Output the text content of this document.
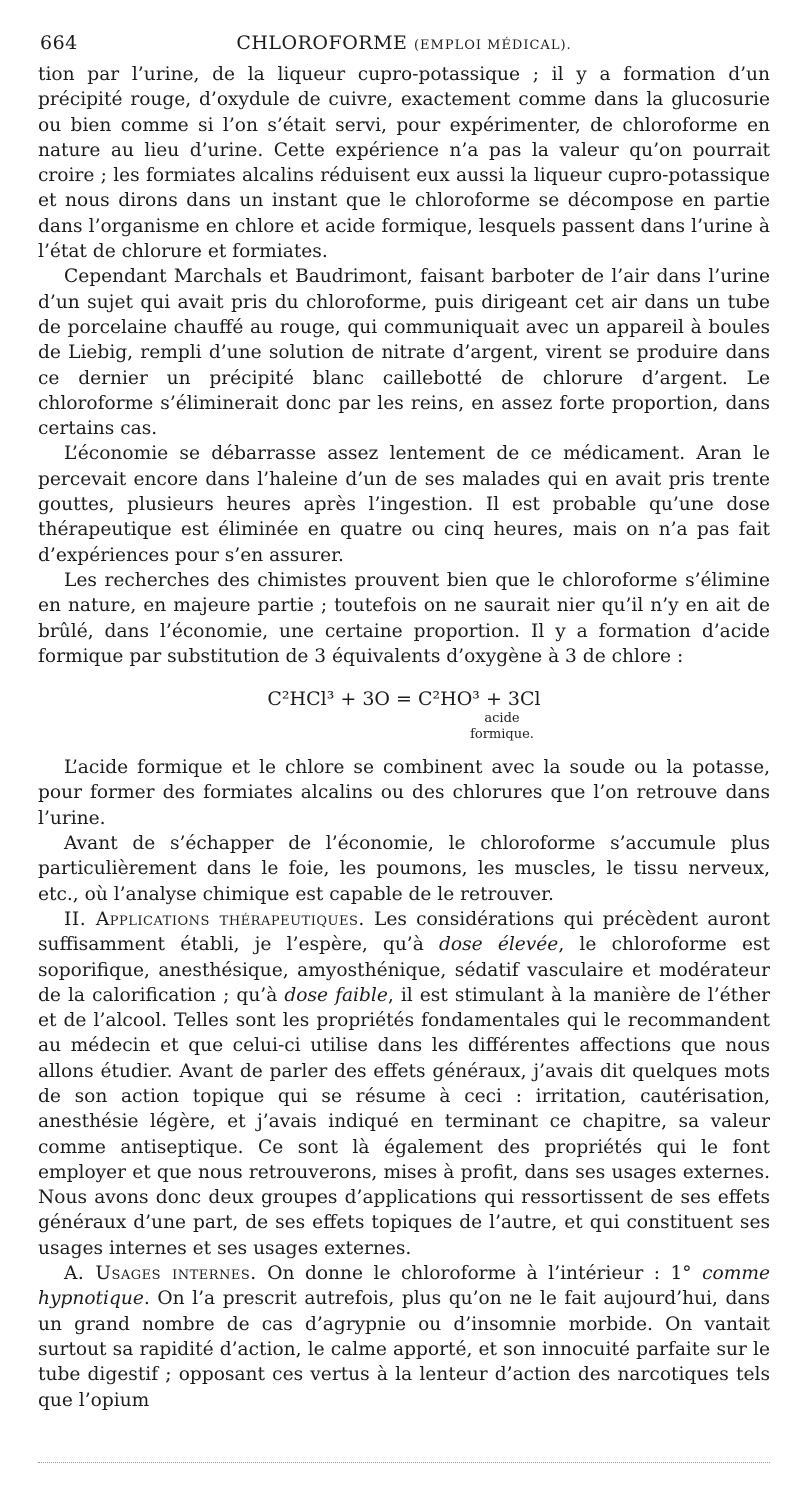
664	CHLOROFORME (EMPLOI MÉDICAL).

tion par l’urine, de la liqueur cupro-potassique ; il y a formation d’un précipité rouge, d’oxydule de cuivre, exactement comme dans la glucosurie ou bien comme si l’on s’était servi, pour expérimenter, de chloroforme en nature au lieu d’urine. Cette expérience n’a pas la valeur qu’on pourrait croire ; les formiates alcalins réduisent eux aussi la liqueur cupro-potassique et nous dirons dans un instant que le chloroforme se décompose en partie dans l’organisme en chlore et acide formique, lesquels passent dans l’urine à l’état de chlorure et formiates.

Cependant Marchals et Baudrimont, faisant barboter de l’air dans l’urine d’un sujet qui avait pris du chloroforme, puis dirigeant cet air dans un tube de porcelaine chauffé au rouge, qui communiquait avec un appareil à boules de Liebig, rempli d’une solution de nitrate d’argent, virent se produire dans ce dernier un précipité blanc caillebotté de chlorure d’argent. Le chloroforme s’éliminerait donc par les reins, en assez forte proportion, dans certains cas.

L’économie se débarrasse assez lentement de ce médicament. Aran le percevait encore dans l’haleine d’un de ses malades qui en avait pris trente gouttes, plusieurs heures après l’ingestion. Il est probable qu’une dose thérapeutique est éliminée en quatre ou cinq heures, mais on n’a pas fait d’expériences pour s’en assurer.

Les recherches des chimistes prouvent bien que le chloroforme s’élimine en nature, en majeure partie ; toutefois on ne saurait nier qu’il n’y en ait de brûlé, dans l’économie, une certaine proportion. Il y a formation d’acide formique par substitution de 3 équivalents d’oxygène à 3 de chlore :

C²HCl³ + 3O = C²HO³ + 3Cl
acide
formique.

L’acide formique et le chlore se combinent avec la soude ou la potasse, pour former des formiates alcalins ou des chlorures que l’on retrouve dans l’urine.

Avant de s’échapper de l’économie, le chloroforme s’accumule plus particulièrement dans le foie, les poumons, les muscles, le tissu nerveux, etc., où l’analyse chimique est capable de le retrouver.

II. Applications thérapeutiques. Les considérations qui précèdent auront suffisamment établi, je l’espère, qu’à dose élevée, le chloroforme est soporifique, anesthésique, amyosthénique, sédatif vasculaire et modérateur de la calorification ; qu’à dose faible, il est stimulant à la manière de l’éther et de l’alcool. Telles sont les propriétés fondamentales qui le recommandent au médecin et que celui-ci utilise dans les différentes affections que nous allons étudier. Avant de parler des effets généraux, j’avais dit quelques mots de son action topique qui se résume à ceci : irritation, cautérisation, anesthésie légère, et j’avais indiqué en terminant ce chapitre, sa valeur comme antiseptique. Ce sont là également des propriétés qui le font employer et que nous retrouverons, mises à profit, dans ses usages externes. Nous avons donc deux groupes d’applications qui ressortissent de ses effets généraux d’une part, de ses effets topiques de l’autre, et qui constituent ses usages internes et ses usages externes.

A. Usages internes. On donne le chloroforme à l’intérieur : 1° comme hypnotique. On l’a prescrit autrefois, plus qu’on ne le fait aujourd’hui, dans un grand nombre de cas d’agrypnie ou d’insomnie morbide. On vantait surtout sa rapidité d’action, le calme apporté, et son innocuité parfaite sur le tube digestif ; opposant ces vertus à la lenteur d’action des narcotiques tels que l’opium
